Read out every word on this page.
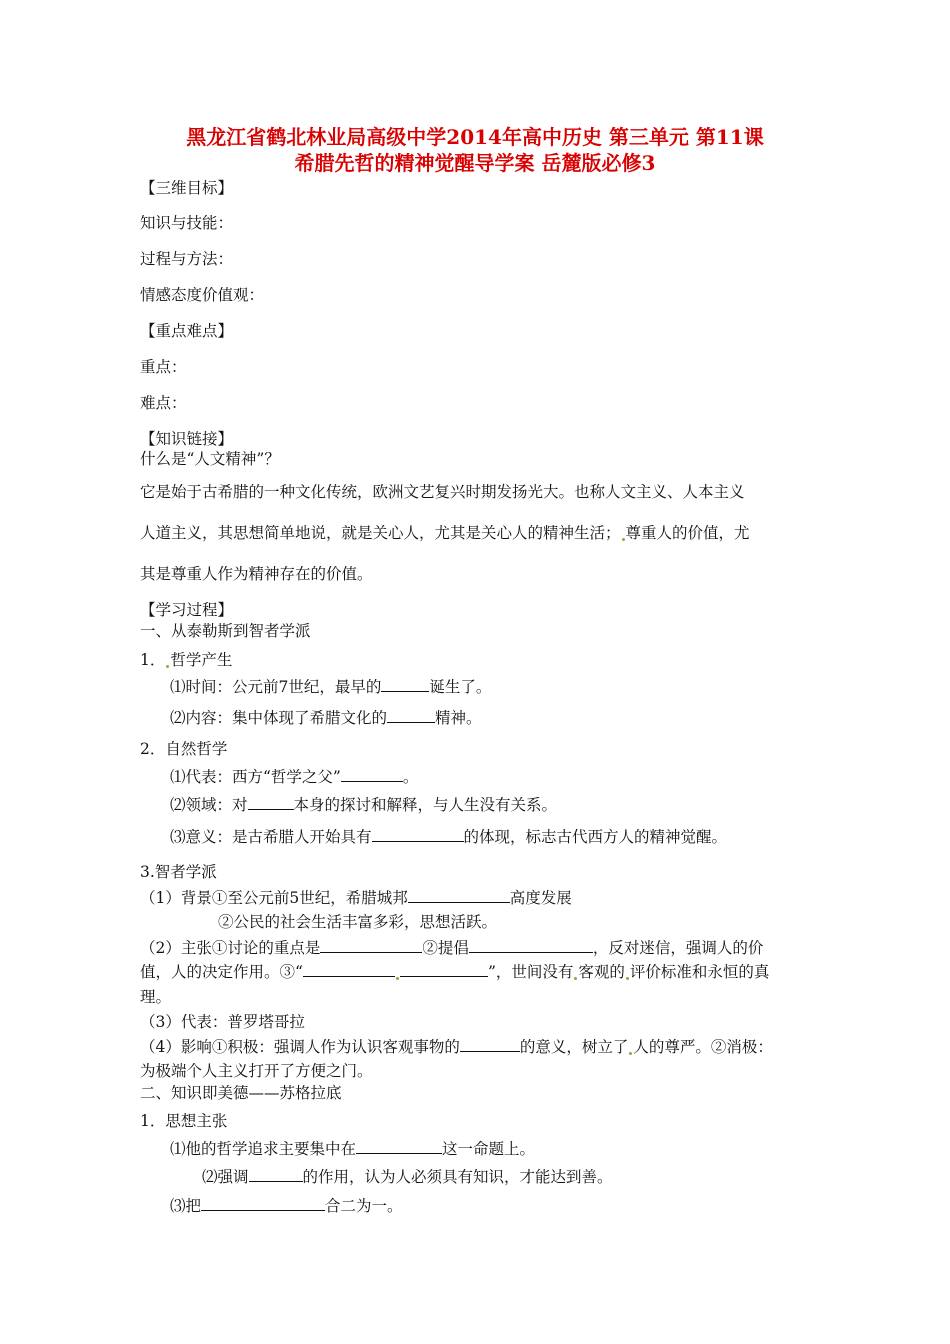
黑龙江省鹤北林业局高级中学2014年高中历史 第三单元 第11课
希腊先哲的精神觉醒导学案 岳麓版必修3
【三维目标】
知识与技能：
过程与方法：
情感态度价值观：
【重点难点】
重点：
难点：
【知识链接】
什么是“人文精神”？
它是始于古希腊的一种文化传统，欧洲文艺复兴时期发扬光大。也称人文主义、人本主义
人道主义，其思想简单地说，就是关心人，尤其是关心人的精神生活； 尊重人的价值，尤
其是尊重人作为精神存在的价值。
【学习过程】
一、从泰勒斯到智者学派
1． 哲学产生
⑴时间：公元前7世纪，最早的	诞生了。
⑵内容：集中体现了希腊文化的	精神。
2．自然哲学
⑴代表：西方“哲学之父”	。
⑵领域：对	本身的探讨和解释，与人生没有关系。
⑶意义：是古希腊人开始具有	的体现，标志古代西方人的精神觉醒。
3.智者学派
（1）背景①至公元前5世纪，希腊城邦	高度发展
②公民的社会生活丰富多彩，思想活跃。
（2）主张①讨论的重点是	②提倡	，反对迷信，强调人的价
值，人的决定作用。③“	”，世间没有 客观的 评价标准和永恒的真
理。
（3）代表：普罗塔哥拉
（4）影响①积极：强调人作为认识客观事物的	的意义，树立了 人的尊严。②消极：
为极端个人主义打开了方便之门。
二、知识即美德——苏格拉底
1．思想主张
⑴他的哲学追求主要集中在	这一命题上。
⑵强调	的作用，认为人必须具有知识，才能达到善。
⑶把	合二为一。
